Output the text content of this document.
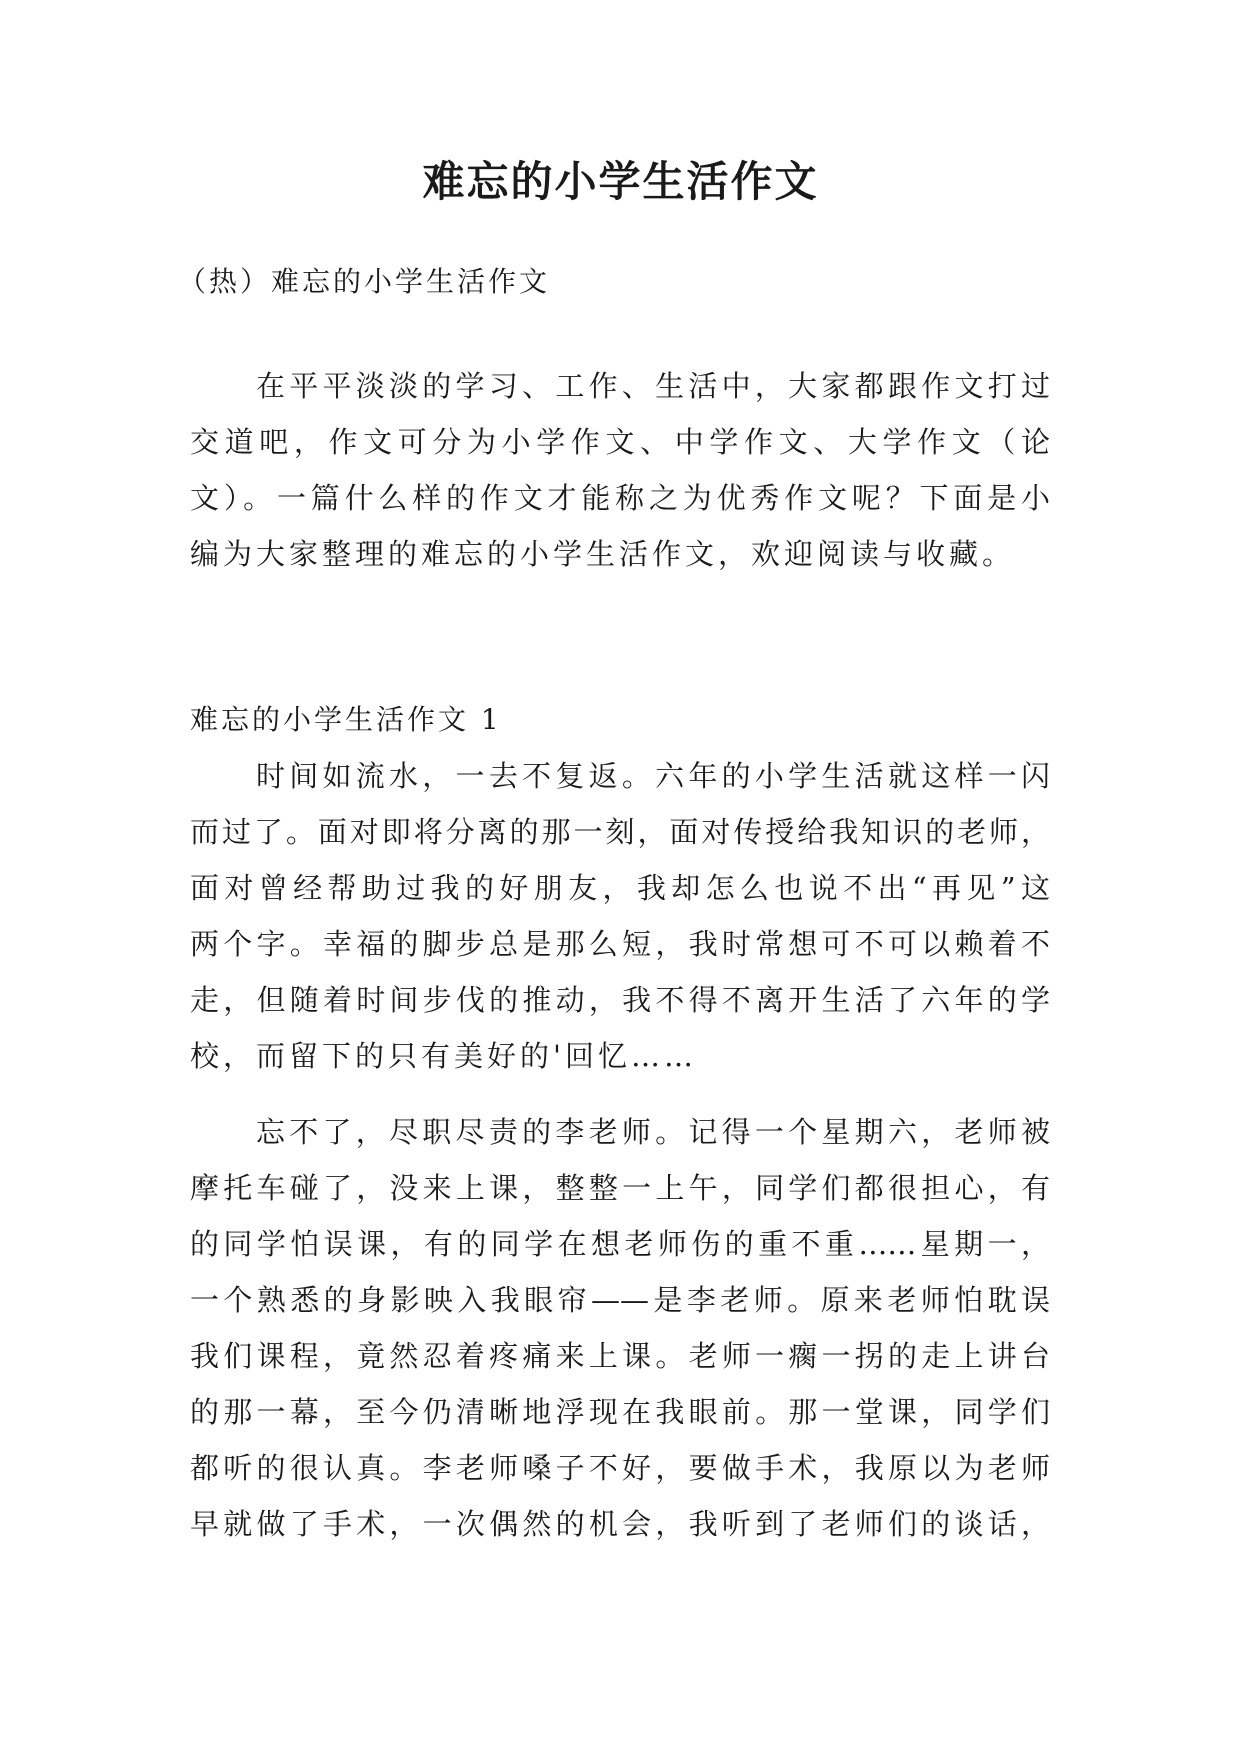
难忘的小学生活作文
（热）难忘的小学生活作文
在平平淡淡的学习、工作、生活中，大家都跟作文打过
交道吧，作文可分为小学作文、中学作文、大学作文（论
文）。一篇什么样的作文才能称之为优秀作文呢？下面是小
编为大家整理的难忘的小学生活作文，欢迎阅读与收藏。
难忘的小学生活作文 1
时间如流水，一去不复返。六年的小学生活就这样一闪
而过了。面对即将分离的那一刻，面对传授给我知识的老师，
面对曾经帮助过我的好朋友，我却怎么也说不出“再见”这
两个字。幸福的脚步总是那么短，我时常想可不可以赖着不
走，但随着时间步伐的推动，我不得不离开生活了六年的学
校，而留下的只有美好的'回忆……
忘不了，尽职尽责的李老师。记得一个星期六，老师被
摩托车碰了，没来上课，整整一上午，同学们都很担心，有
的同学怕误课，有的同学在想老师伤的重不重……星期一，
一个熟悉的身影映入我眼帘——是李老师。原来老师怕耽误
我们课程，竟然忍着疼痛来上课。老师一瘸一拐的走上讲台
的那一幕，至今仍清晰地浮现在我眼前。那一堂课，同学们
都听的很认真。李老师嗓子不好，要做手术，我原以为老师
早就做了手术，一次偶然的机会，我听到了老师们的谈话，
